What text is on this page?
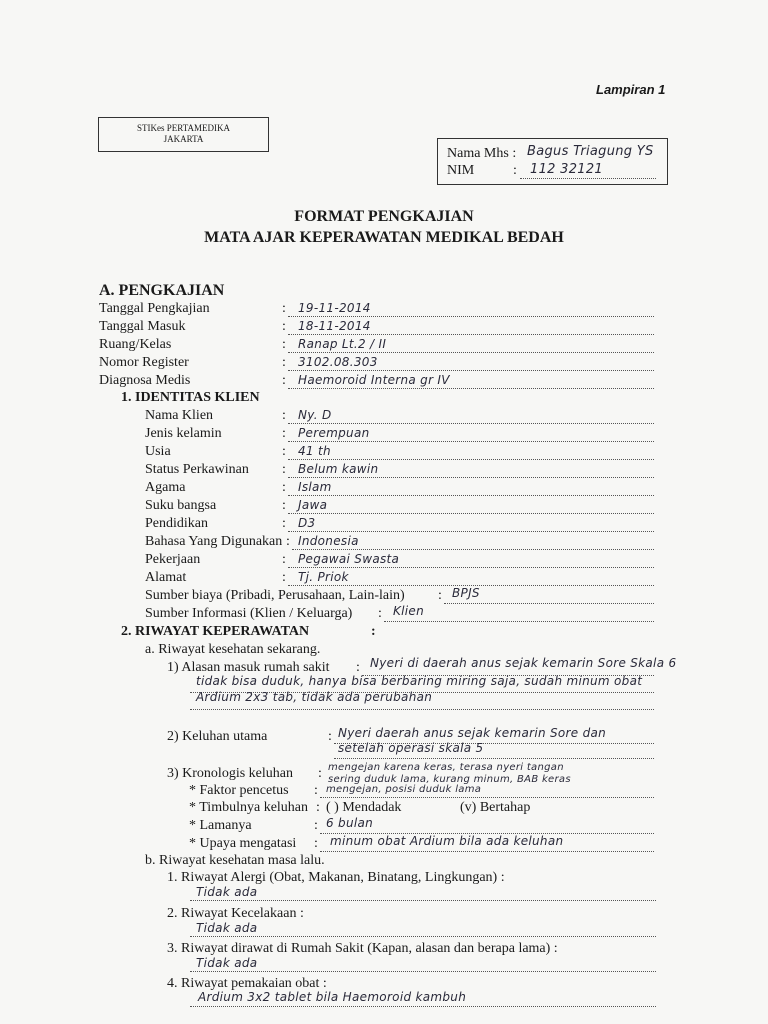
Lampiran 1
STIKes PERTAMEDIKA
JAKARTA
Nama Mhs : Bagus Triagung YS
NIM	: 112 32121
FORMAT PENGKAJIAN
MATA AJAR KEPERAWATAN MEDIKAL BEDAH
A. PENGKAJIAN
Tanggal Pengkajian	: 19-11-2014
Tanggal Masuk	: 18-11-2014
Ruang/Kelas	: Ranap Lt.2 / II
Nomor Register	: 3102.08.303
Diagnosa Medis	: Haemoroid Interna gr IV
1. IDENTITAS KLIEN
Nama Klien	: Ny. D
Jenis kelamin	: Perempuan
Usia	: 41 th
Status Perkawinan : Belum kawin
Agama	: Islam
Suku bangsa	: Jawa
Pendidikan	: D3
Bahasa Yang Digunakan : Indonesia
Pekerjaan	: Pegawai Swasta
Alamat	: Tj. Priok
Sumber biaya (Pribadi, Perusahaan, Lain-lain) : BPJS
Sumber Informasi (Klien / Keluarga) : Klien
2. RIWAYAT KEPERAWATAN	:
a. Riwayat kesehatan sekarang.
1) Alasan masuk rumah sakit : Nyeri di daerah anus sejak kemarin Sore Skala 6
tidak bisa duduk, hanya bisa berbaring miring saja, sudah minum obat
Ardium 2x3 tab, tidak ada perubahan
2) Keluhan utama	: Nyeri daerah anus sejak kemarin Sore dan
setelah operasi skala 5
3) Kronologis keluhan : mengejan karena keras, terasa nyeri tangan
sering duduk lama, kurang minum, BAB keras
* Faktor pencetus : mengejan, posisi duduk lama
* Timbulnya keluhan : ( ) Mendadak	(v) Bertahap
* Lamanya	: 6 bulan
* Upaya mengatasi : minum obat Ardium bila ada keluhan
b. Riwayat kesehatan masa lalu.
1. Riwayat Alergi (Obat, Makanan, Binatang, Lingkungan) :
Tidak ada
2. Riwayat Kecelakaan :
Tidak ada
3. Riwayat dirawat di Rumah Sakit (Kapan, alasan dan berapa lama) :
Tidak ada
4. Riwayat pemakaian obat :
Ardium 3x2 tablet bila Haemoroid kambuh
